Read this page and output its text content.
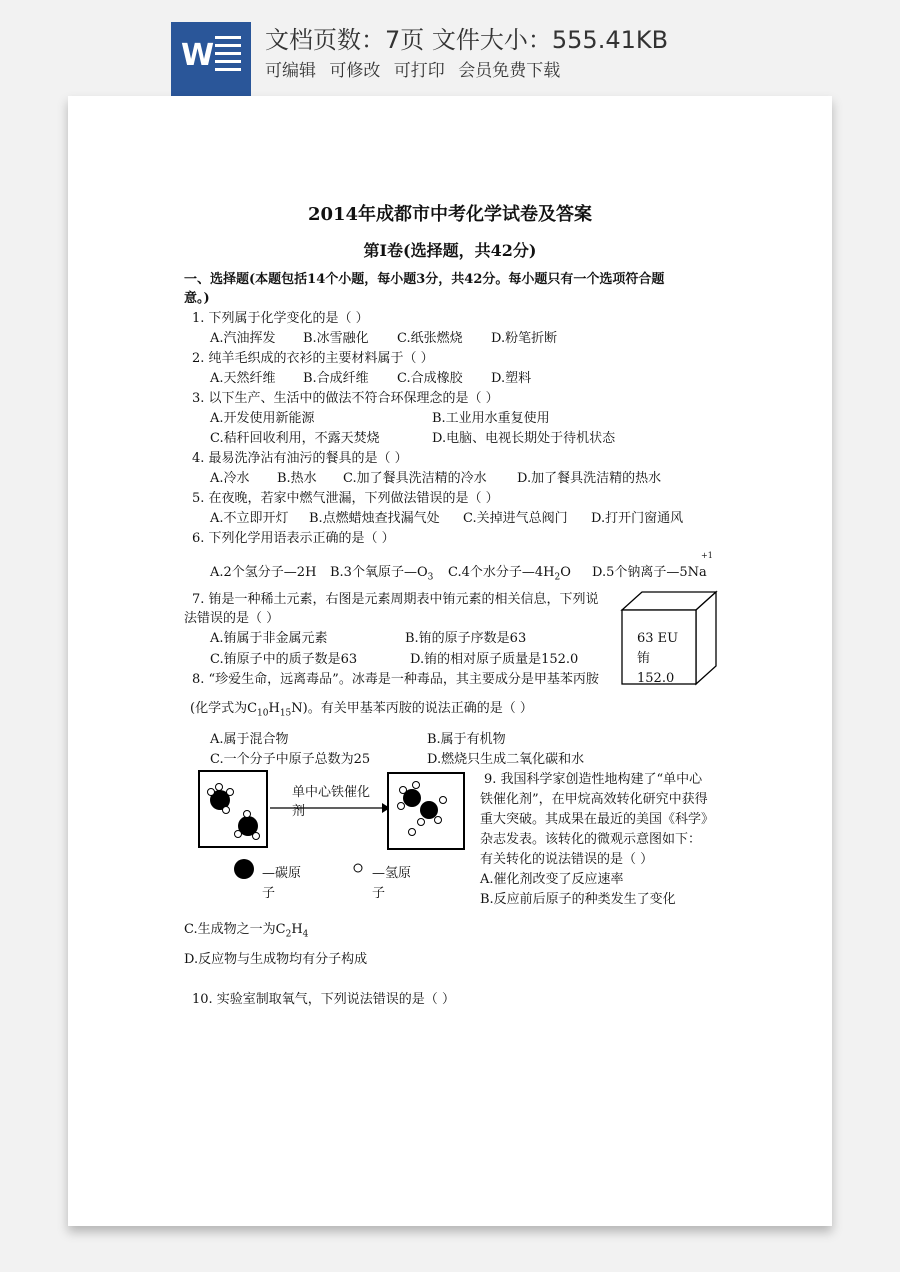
W 文档页数：7页 文件大小：555.41KB
可编辑 可修改 可打印 会员免费下载
2014年成都市中考化学试卷及答案
第I卷(选择题，共42分)
一、选择题(本题包括14个小题，每小题3分，共42分。每小题只有一个选项符合题
意。)
1. 下列属于化学变化的是（ ）
A.汽油挥发 B.冰雪融化 C.纸张燃烧 D.粉笔折断
2. 纯羊毛织成的衣衫的主要材料属于（ ）
A.天然纤维 B.合成纤维 C.合成橡胶 D.塑料
3. 以下生产、生活中的做法不符合环保理念的是（ ）
A.开发使用新能源	B.工业用水重复使用
C.秸秆回收利用，不露天焚烧	D.电脑、电视长期处于待机状态
4. 最易洗净沾有油污的餐具的是（ ）
A.冷水 B.热水 C.加了餐具洗洁精的冷水 D.加了餐具洗洁精的热水
5. 在夜晚，若家中燃气泄漏，下列做法错误的是（ ）
A.不立即开灯 B.点燃蜡烛查找漏气处 C.关掉进气总阀门 D.打开门窗通风
6. 下列化学用语表示正确的是（ ）
A.2个氢分子—2H B.3个氧原子$—O_3$ C.4个水分子$—4H_2O$ D.5个钠离子—5Na
+1
7. 铕是一种稀土元素，右图是元素周期表中铕元素的相关信息，下列说
法错误的是（ ）
A.铕属于非金属元素	B.铕的原子序数是63
C.铕原子中的质子数是63	D.铕的相对原子质量是152.0
63 EU
铕
152.0
8. “珍爱生命，远离毒品”。冰毒是一种毒品，其主要成分是甲基苯丙胺
(化学式为$C_{10}H_{15}N$)。有关甲基苯丙胺的说法正确的是（ ）
A.属于混合物	B.属于有机物
C.一个分子中原子总数为25	D.燃烧只生成二氧化碳和水
单中心铁催化
剂
—碳原
子
—氢原
子
9. 我国科学家创造性地构建了“单中心
铁催化剂”，在甲烷高效转化研究中获得
重大突破。其成果在最近的美国《科学》
杂志发表。该转化的微观示意图如下：
有关转化的说法错误的是（ ）
A.催化剂改变了反应速率
B.反应前后原子的种类发生了变化
C.生成物之一为$C_2H_4$
D.反应物与生成物均有分子构成
10. 实验室制取氧气，下列说法错误的是（ ）
